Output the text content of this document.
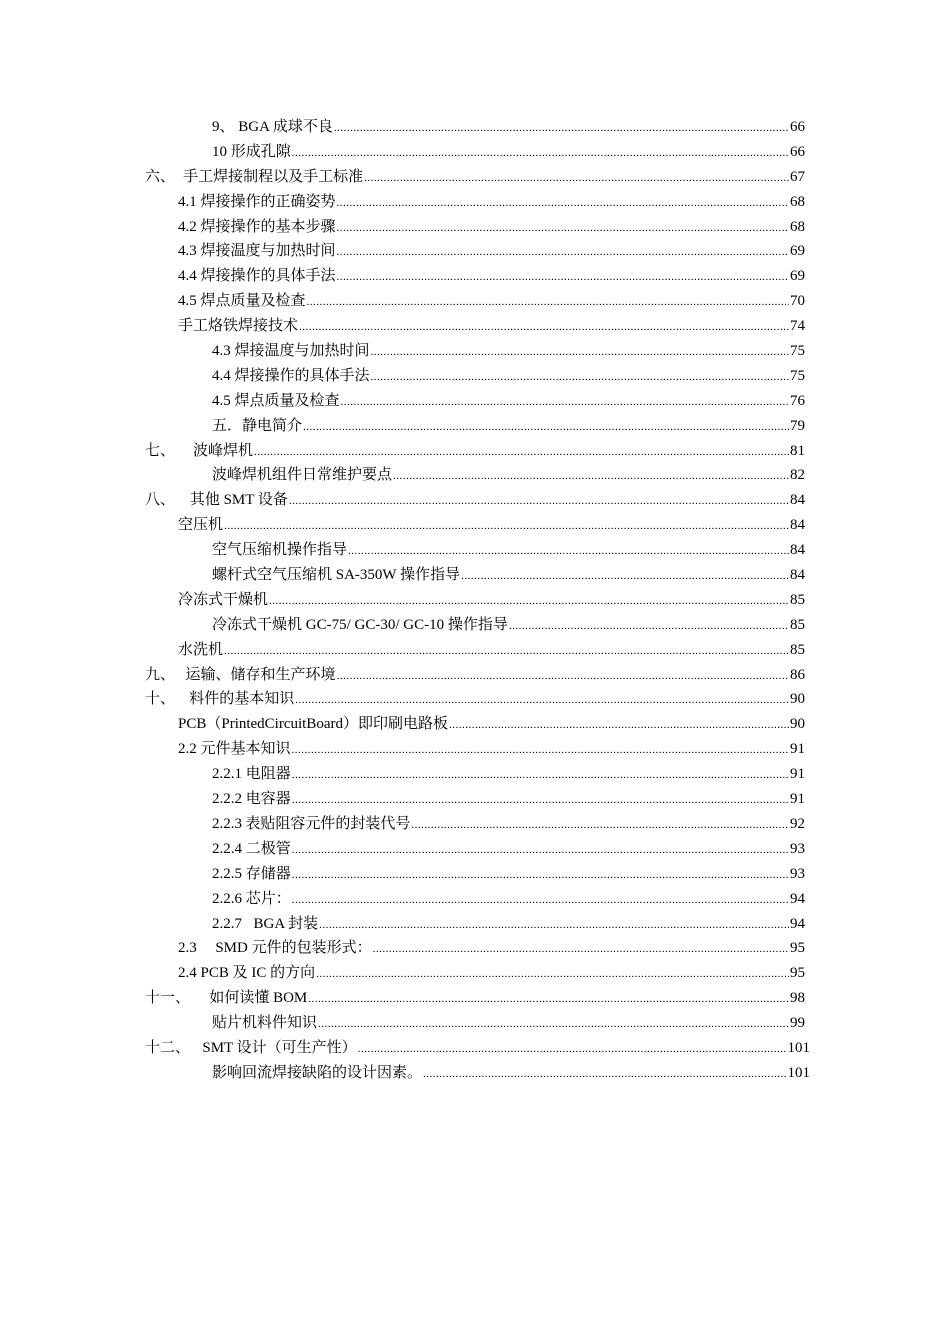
9、 BGA 成球不良 .....	66
10 形成孔隙 .....	66
六、 手工焊接制程以及手工标准 .....	67
4.1 焊接操作的正确姿势 .....	68
4.2 焊接操作的基本步骤 .....	68
4.3 焊接温度与加热时间 .....	69
4.4 焊接操作的具体手法 .....	69
4.5 焊点质量及检查 .....	70
手工烙铁焊接技术 .....	74
4.3 焊接温度与加热时间 .....	75
4.4 焊接操作的具体手法 .....	75
4.5 焊点质量及检查 .....	76
五．静电简介 .....	79
七、	波峰焊机 .....	81
波峰焊机组件日常维护要点 .....	82
八、 其他 SMT 设备 .....	84
空压机 .....	84
空气压缩机操作指导 .....	84
螺杆式空气压缩机 SA-350W 操作指导 .....	84
冷冻式干燥机 .....	85
冷冻式干燥机 GC-75/ GC-30/ GC-10 操作指导 .....	85
水洗机 .....	85
九、 运输、储存和生产环境 .....	86
十、 料件的基本知识 .....	90
PCB（PrintedCircuitBoard）即印刷电路板 .....	90
2.2 元件基本知识 .....	91
2.2.1 电阻器 .....	91
2.2.2 电容器 .....	91
2.2.3 表贴阻容元件的封装代号 .....	92
2.2.4 二极管 .....	93
2.2.5 存储器 .....	93
2.2.6 芯片： .....	94
2.2.7 BGA 封装 .....	94
2.3	SMD 元件的包装形式： .....	95
2.4 PCB 及 IC 的方向 .....	95
十一、	如何读懂 BOM .....	98
贴片机料件知识 .....	99
十二、 SMT 设计（可生产性） .....	101
影响回流焊接缺陷的设计因素。 .....	101
